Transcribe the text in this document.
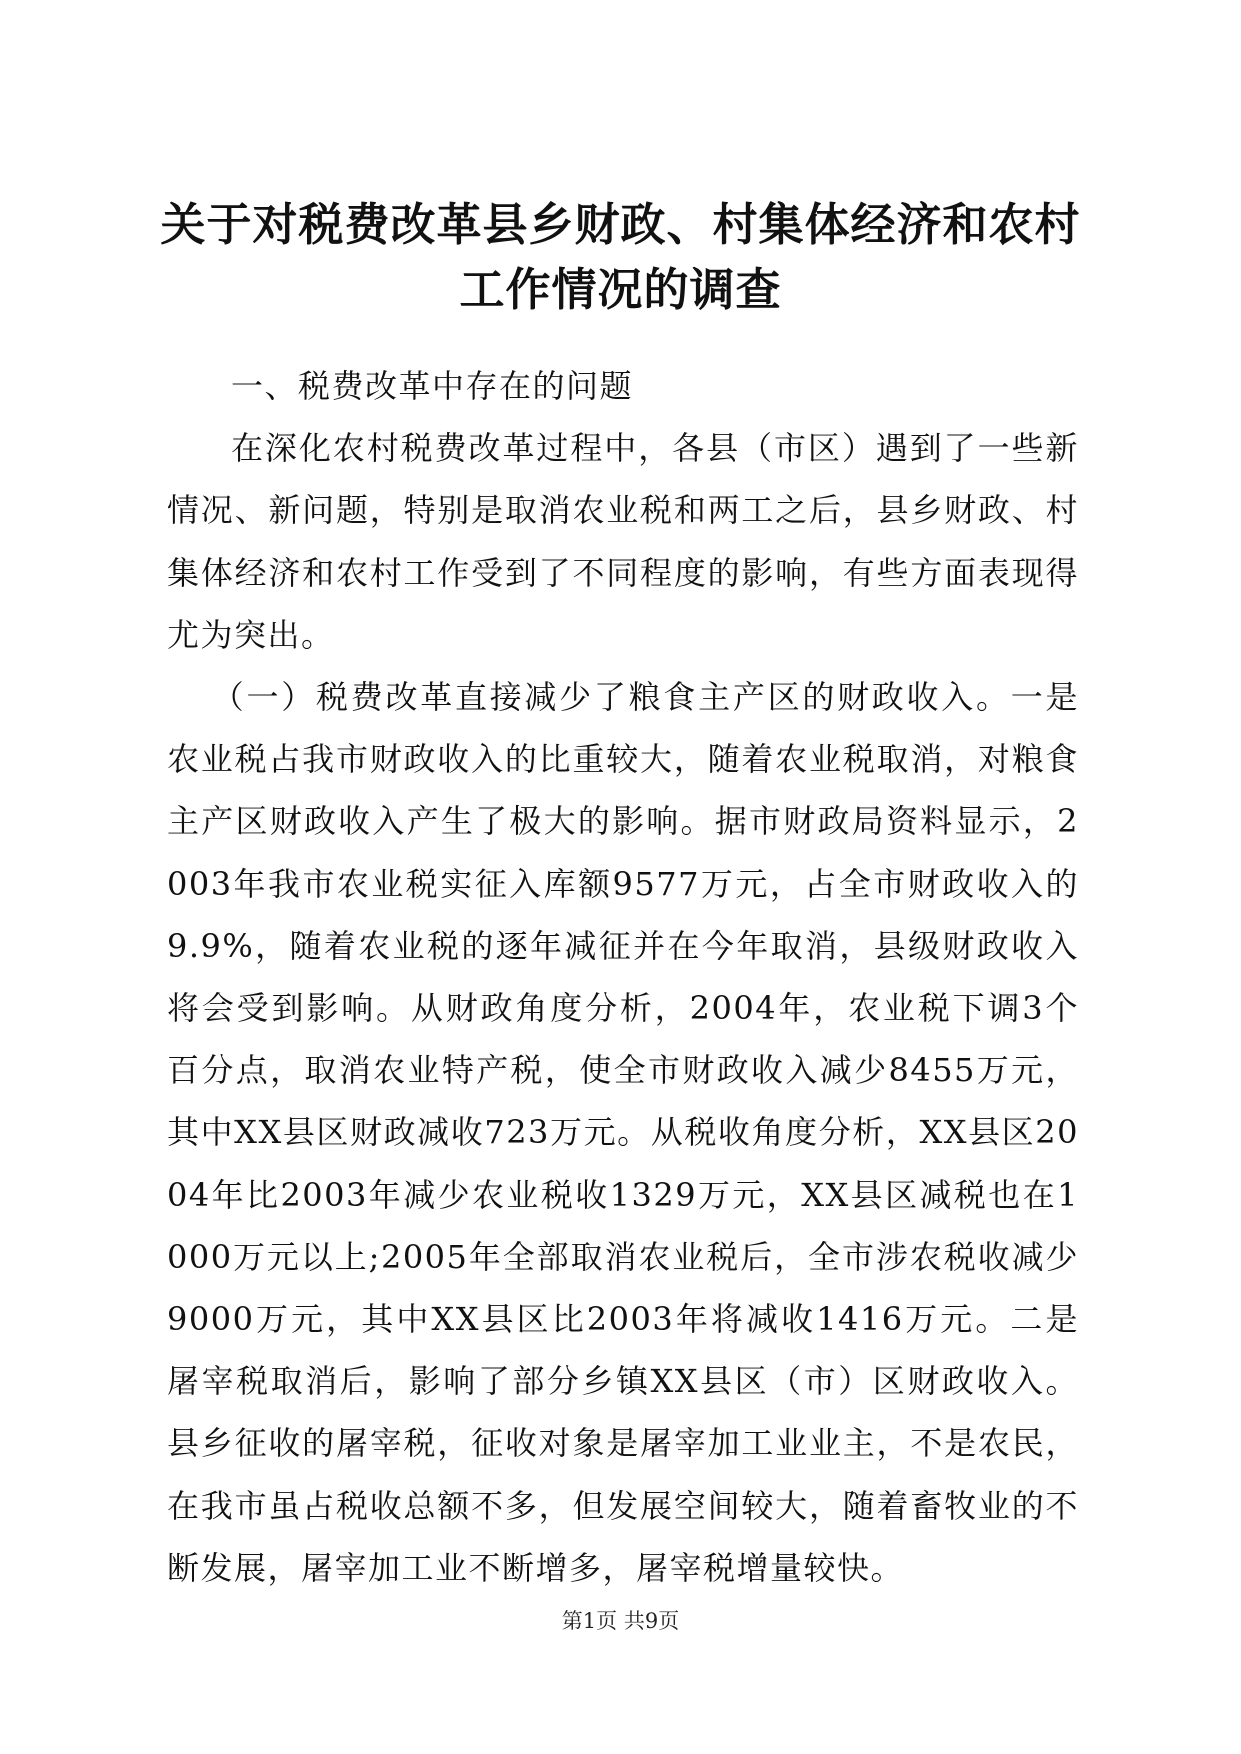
关于对税费改革县乡财政、村集体经济和农村工作情况的调查

一、税费改革中存在的问题

在深化农村税费改革过程中，各县（市区）遇到了一些新情况、新问题，特别是取消农业税和两工之后，县乡财政、村集体经济和农村工作受到了不同程度的影响，有些方面表现得尤为突出。

（一）税费改革直接减少了粮食主产区的财政收入。一是农业税占我市财政收入的比重较大，随着农业税取消，对粮食主产区财政收入产生了极大的影响。据市财政局资料显示，2003年我市农业税实征入库额9577万元，占全市财政收入的9.9%，随着农业税的逐年减征并在今年取消，县级财政收入将会受到影响。从财政角度分析，2004年，农业税下调3个百分点，取消农业特产税，使全市财政收入减少8455万元，其中XX县区财政减收723万元。从税收角度分析，XX县区2004年比2003年减少农业税收1329万元，XX县区减税也在1000万元以上;2005年全部取消农业税后，全市涉农税收减少9000万元，其中XX县区比2003年将减收1416万元。二是屠宰税取消后，影响了部分乡镇XX县区（市）区财政收入。县乡征收的屠宰税，征收对象是屠宰加工业业主，不是农民，在我市虽占税收总额不多，但发展空间较大，随着畜牧业的不断发展，屠宰加工业不断增多，屠宰税增量较快。

第1页 共9页
